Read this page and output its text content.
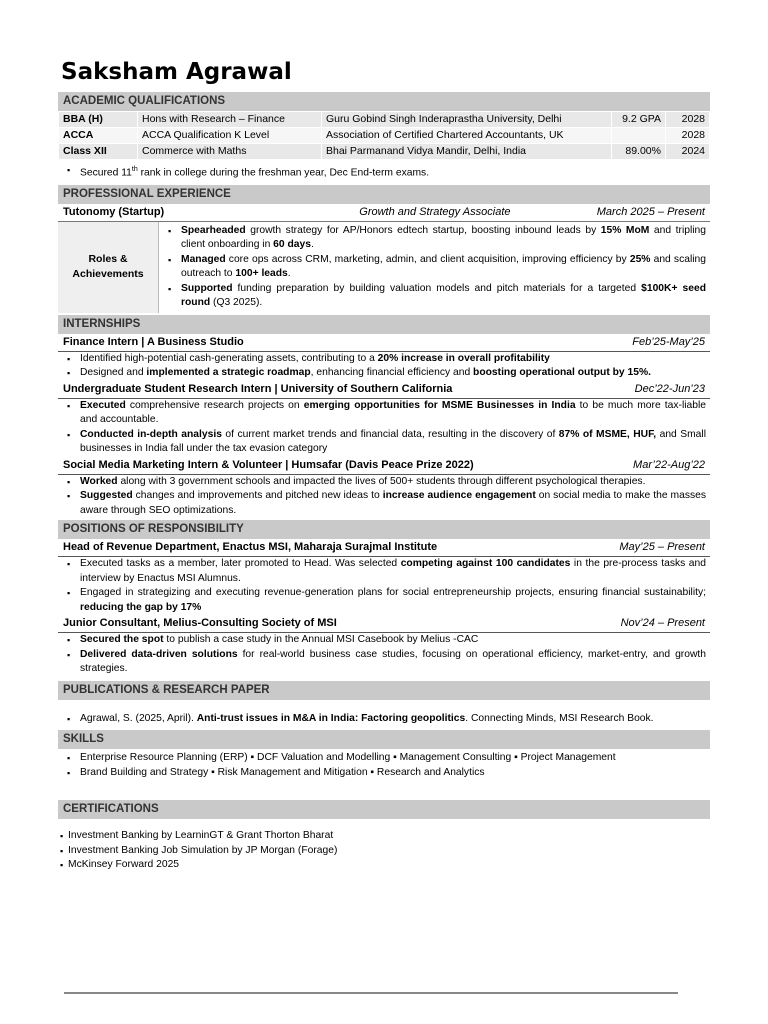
Saksham Agrawal
ACADEMIC QUALIFICATIONS
BBA (H)	Hons with Research – Finance	Guru Gobind Singh Inderaprastha University, Delhi	9.2 GPA	2028
ACCA	ACCA Qualification K Level	Association of Certified Chartered Accountants, UK		2028
Class XII	Commerce with Maths	Bhai Parmanand Vidya Mandir, Delhi, India	89.00%	2024
▪ Secured 11th rank in college during the freshman year, Dec End-term exams.
PROFESSIONAL EXPERIENCE
Tutonomy (Startup)	Growth and Strategy Associate	March 2025 – Present
Roles & Achievements
▪ Spearheaded growth strategy for AP/Honors edtech startup, boosting inbound leads by 15% MoM and tripling client onboarding in 60 days.
▪ Managed core ops across CRM, marketing, admin, and client acquisition, improving efficiency by 25% and scaling outreach to 100+ leads.
▪ Supported funding preparation by building valuation models and pitch materials for a targeted $100K+ seed round (Q3 2025).
INTERNSHIPS
Finance Intern | A Business Studio	Feb’25-May’25
▪ Identified high-potential cash-generating assets, contributing to a 20% increase in overall profitability
▪ Designed and implemented a strategic roadmap, enhancing financial efficiency and boosting operational output by 15%.
Undergraduate Student Research Intern | University of Southern California	Dec’22-Jun’23
▪ Executed comprehensive research projects on emerging opportunities for MSME Businesses in India to be much more tax-liable and accountable.
▪ Conducted in-depth analysis of current market trends and financial data, resulting in the discovery of 87% of MSME, HUF, and Small businesses in India fall under the tax evasion category
Social Media Marketing Intern & Volunteer | Humsafar (Davis Peace Prize 2022)	Mar’22-Aug’22
▪ Worked along with 3 government schools and impacted the lives of 500+ students through different psychological therapies.
▪ Suggested changes and improvements and pitched new ideas to increase audience engagement on social media to make the masses aware through SEO optimizations.
POSITIONS OF RESPONSIBILITY
Head of Revenue Department, Enactus MSI, Maharaja Surajmal Institute	May’25 – Present
▪ Executed tasks as a member, later promoted to Head. Was selected competing against 100 candidates in the pre-process tasks and interview by Enactus MSI Alumnus.
▪ Engaged in strategizing and executing revenue-generation plans for social entrepreneurship projects, ensuring financial sustainability; reducing the gap by 17%
Junior Consultant, Melius-Consulting Society of MSI	Nov’24 – Present
▪ Secured the spot to publish a case study in the Annual MSI Casebook by Melius -CAC
▪ Delivered data-driven solutions for real-world business case studies, focusing on operational efficiency, market-entry, and growth strategies.
PUBLICATIONS & RESEARCH PAPER
▪ Agrawal, S. (2025, April). Anti-trust issues in M&A in India: Factoring geopolitics. Connecting Minds, MSI Research Book.
SKILLS
▪ Enterprise Resource Planning (ERP) ▪ DCF Valuation and Modelling ▪ Management Consulting ▪ Project Management
▪ Brand Building and Strategy ▪ Risk Management and Mitigation ▪ Research and Analytics
CERTIFICATIONS
▪ Investment Banking by LearninGT & Grant Thorton Bharat
▪ Investment Banking Job Simulation by JP Morgan (Forage)
▪ McKinsey Forward 2025
